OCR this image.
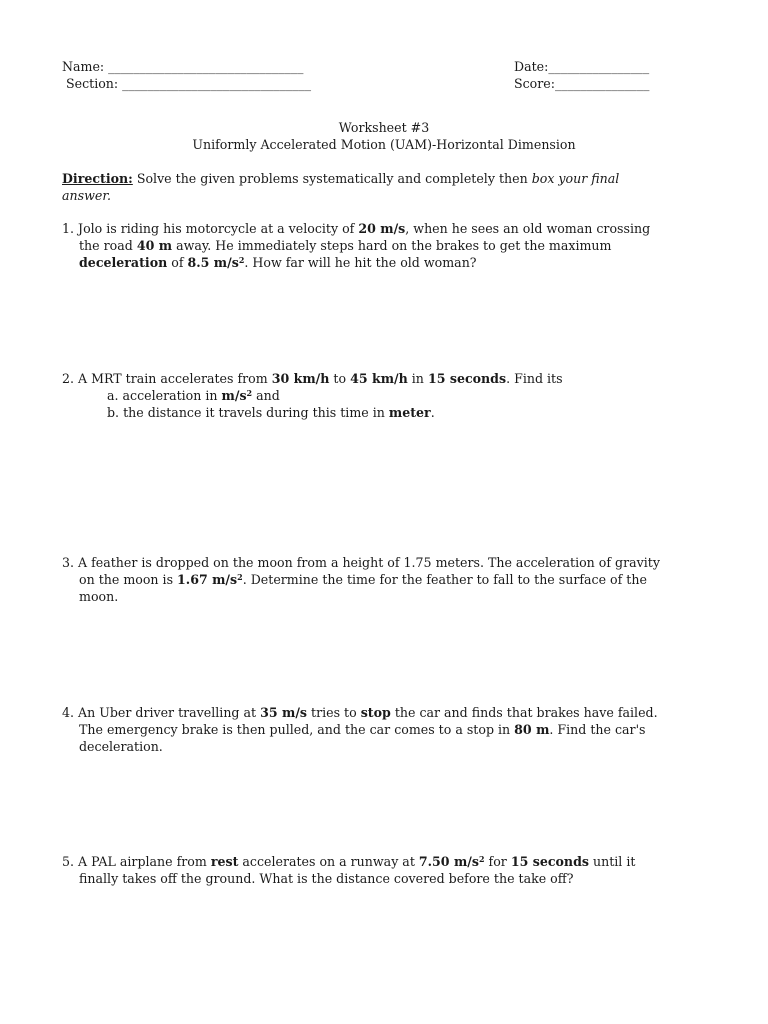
Name: _______________________________
Section: ______________________________
Date:________________
Score:_______________
Worksheet #3
Uniformly Accelerated Motion (UAM)-Horizontal Dimension
Direction: Solve the given problems systematically and completely then box your final
answer.
1. Jolo is riding his motorcycle at a velocity of 20 m/s, when he sees an old woman crossing
the road 40 m away. He immediately steps hard on the brakes to get the maximum
deceleration of 8.5 $m/s^2$. How far will he hit the old woman?
2. A MRT train accelerates from 30 km/h to 45 km/h in 15 seconds. Find its
a. acceleration in $m/s^2$ and
b. the distance it travels during this time in meter.
3. A feather is dropped on the moon from a height of 1.75 meters. The acceleration of gravity
on the moon is 1.67 $m/s^2$. Determine the time for the feather to fall to the surface of the
moon.
4. An Uber driver travelling at 35 m/s tries to stop the car and finds that brakes have failed.
The emergency brake is then pulled, and the car comes to a stop in 80 m. Find the car's
deceleration.
5. A PAL airplane from rest accelerates on a runway at 7.50 $m/s^2$ for 15 seconds until it
finally takes off the ground. What is the distance covered before the take off?
